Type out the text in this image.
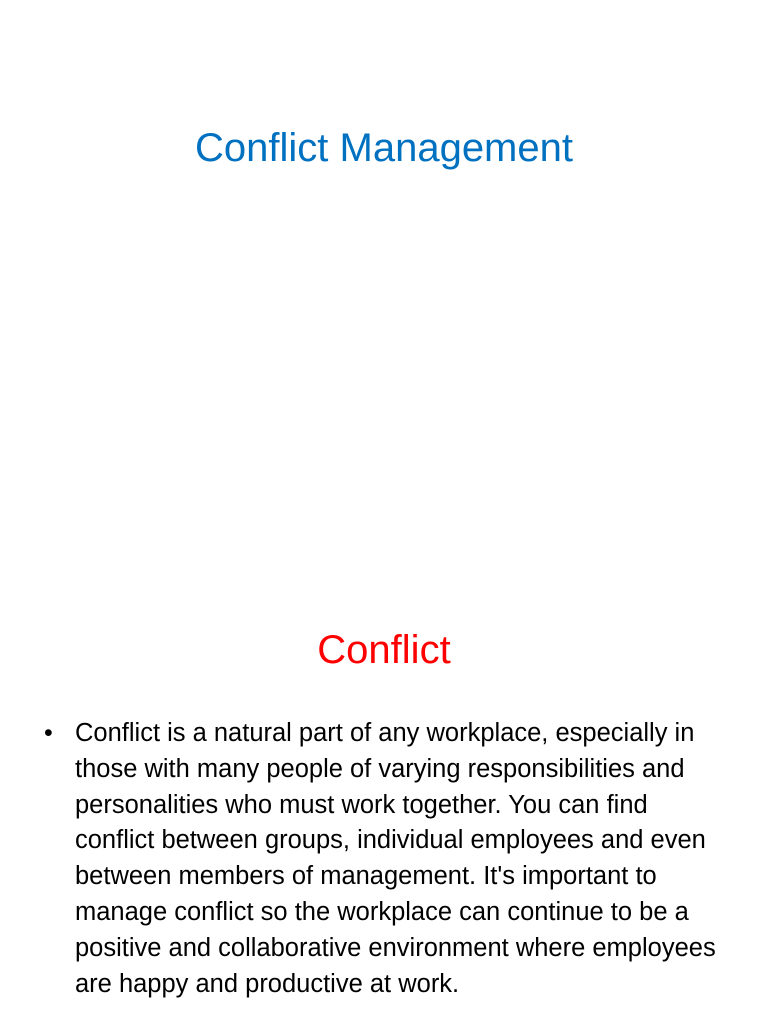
Conflict Management
Conflict
• Conflict is a natural part of any workplace, especially in those with many people of varying responsibilities and personalities who must work together. You can find conflict between groups, individual employees and even between members of management. It's important to manage conflict so the workplace can continue to be a positive and collaborative environment where employees are happy and productive at work.
